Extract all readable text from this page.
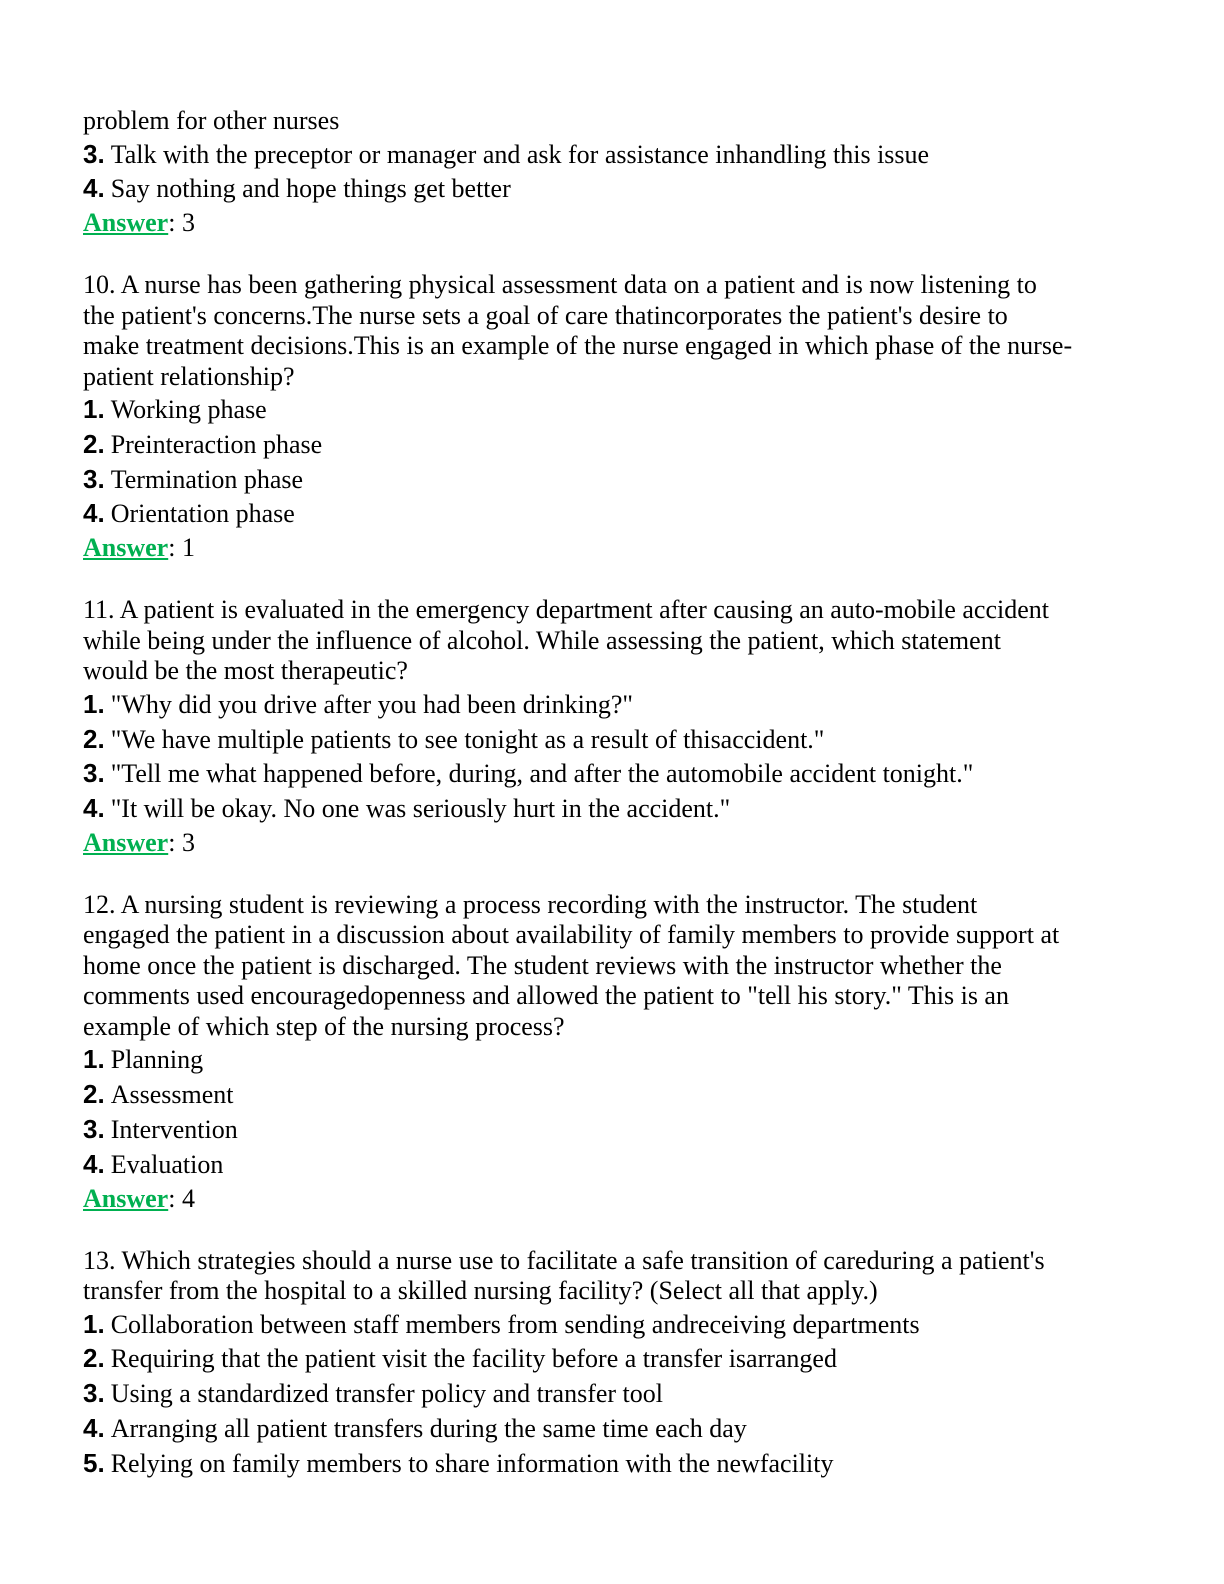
problem for other nurses
3. Talk with the preceptor or manager and ask for assistance inhandling this issue
4. Say nothing and hope things get better
Answer: 3
10. A nurse has been gathering physical assessment data on a patient and is now listening to
the patient's concerns.The nurse sets a goal of care thatincorporates the patient's desire to
make treatment decisions.This is an example of the nurse engaged in which phase of the nurse-
patient relationship?
1. Working phase
2. Preinteraction phase
3. Termination phase
4. Orientation phase
Answer: 1
11. A patient is evaluated in the emergency department after causing an auto-mobile accident
while being under the influence of alcohol. While assessing the patient, which statement
would be the most therapeutic?
1. "Why did you drive after you had been drinking?"
2. "We have multiple patients to see tonight as a result of thisaccident."
3. "Tell me what happened before, during, and after the automobile accident tonight."
4. "It will be okay. No one was seriously hurt in the accident."
Answer: 3
12. A nursing student is reviewing a process recording with the instructor. The student
engaged the patient in a discussion about availability of family members to provide support at
home once the patient is discharged. The student reviews with the instructor whether the
comments used encouragedopenness and allowed the patient to "tell his story." This is an
example of which step of the nursing process?
1. Planning
2. Assessment
3. Intervention
4. Evaluation
Answer: 4
13. Which strategies should a nurse use to facilitate a safe transition of careduring a patient's
transfer from the hospital to a skilled nursing facility? (Select all that apply.)
1. Collaboration between staff members from sending andreceiving departments
2. Requiring that the patient visit the facility before a transfer isarranged
3. Using a standardized transfer policy and transfer tool
4. Arranging all patient transfers during the same time each day
5. Relying on family members to share information with the newfacility
